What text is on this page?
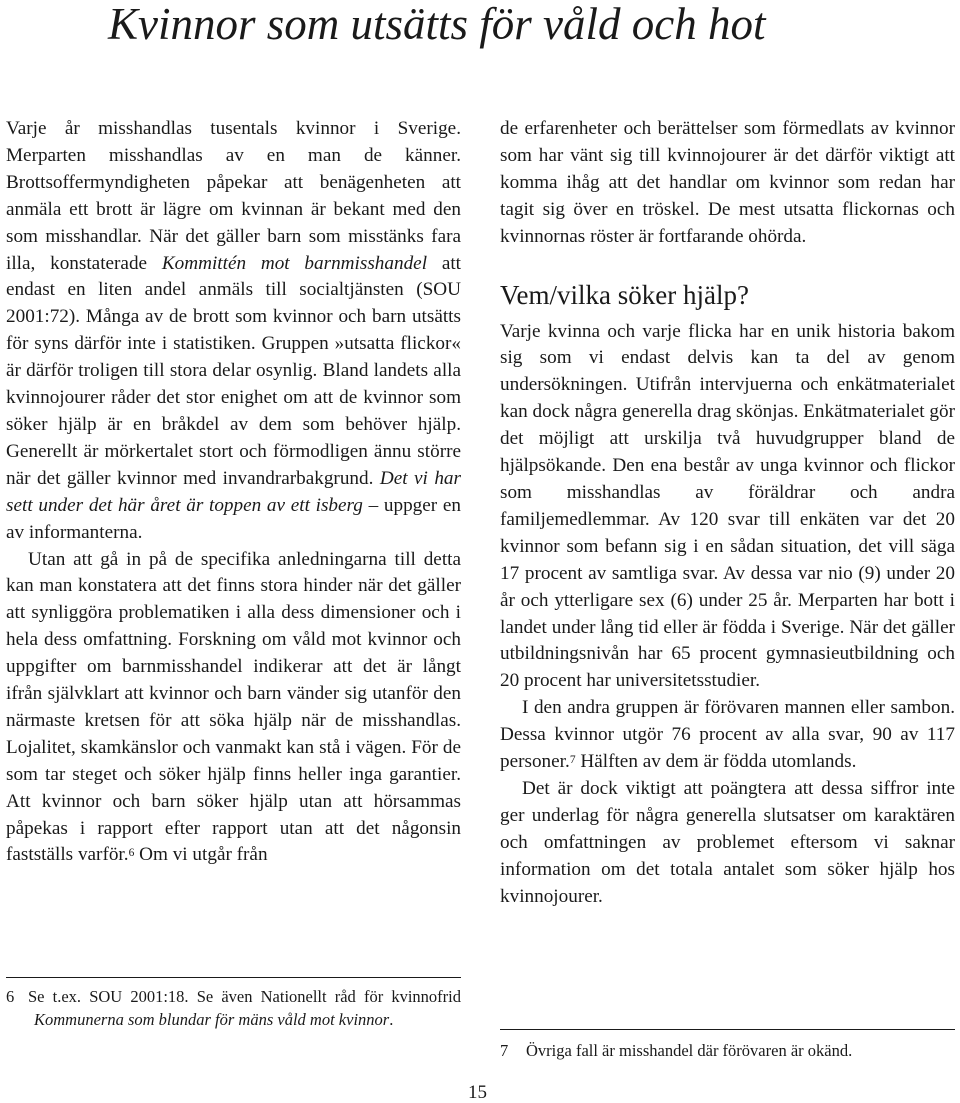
Kvinnor som utsätts för våld och hot

Varje år misshandlas tusentals kvinnor i Sverige. Merparten misshandlas av en man de känner. Brottsoffermyndigheten påpekar att benägenheten att anmäla ett brott är lägre om kvinnan är bekant med den som misshandlar. När det gäller barn som misstänks fara illa, konstaterade Kommittén mot barnmisshandel att endast en liten andel anmäls till socialtjänsten (SOU 2001:72). Många av de brott som kvinnor och barn utsätts för syns därför inte i statistiken. Gruppen »utsatta flickor« är därför troligen till stora delar osynlig. Bland landets alla kvinnojourer råder det stor enighet om att de kvinnor som söker hjälp är en bråkdel av dem som behöver hjälp. Generellt är mörkertalet stort och förmodligen ännu större när det gäller kvinnor med invandrarbakgrund. Det vi har sett under det här året är toppen av ett isberg – uppger en av informanterna.

Utan att gå in på de specifika anledningarna till detta kan man konstatera att det finns stora hinder när det gäller att synliggöra problematiken i alla dess dimensioner och i hela dess omfattning. Forskning om våld mot kvinnor och uppgifter om barnmisshandel indikerar att det är långt ifrån självklart att kvinnor och barn vänder sig utanför den närmaste kretsen för att söka hjälp när de misshandlas. Lojalitet, skamkänslor och vanmakt kan stå i vägen. För de som tar steget och söker hjälp finns heller inga garantier. Att kvinnor och barn söker hjälp utan att hörsammas påpekas i rapport efter rapport utan att det någonsin fastställs varför.$^6$ Om vi utgår från

6 Se t.ex. SOU 2001:18. Se även Nationellt råd för kvinnofrid Kommunerna som blundar för mäns våld mot kvinnor.

de erfarenheter och berättelser som förmedlats av kvinnor som har vänt sig till kvinnojourer är det därför viktigt att komma ihåg att det handlar om kvinnor som redan har tagit sig över en tröskel. De mest utsatta flickornas och kvinnornas röster är fortfarande ohörda.

Vem/vilka söker hjälp?

Varje kvinna och varje flicka har en unik historia bakom sig som vi endast delvis kan ta del av genom undersökningen. Utifrån intervjuerna och enkätmaterialet kan dock några generella drag skönjas. Enkätmaterialet gör det möjligt att urskilja två huvudgrupper bland de hjälpsökande. Den ena består av unga kvinnor och flickor som misshandlas av föräldrar och andra familjemedlemmar. Av 120 svar till enkäten var det 20 kvinnor som befann sig i en sådan situation, det vill säga 17 procent av samtliga svar. Av dessa var nio (9) under 20 år och ytterligare sex (6) under 25 år. Merparten har bott i landet under lång tid eller är födda i Sverige. När det gäller utbildningsnivån har 65 procent gymnasieutbildning och 20 procent har universitetsstudier.

I den andra gruppen är förövaren mannen eller sambon. Dessa kvinnor utgör 76 procent av alla svar, 90 av 117 personer.$^7$ Hälften av dem är födda utomlands.

Det är dock viktigt att poängtera att dessa siffror inte ger underlag för några generella slutsatser om karaktären och omfattningen av problemet eftersom vi saknar information om det totala antalet som söker hjälp hos kvinnojourer.

7 Övriga fall är misshandel där förövaren är okänd.
15
